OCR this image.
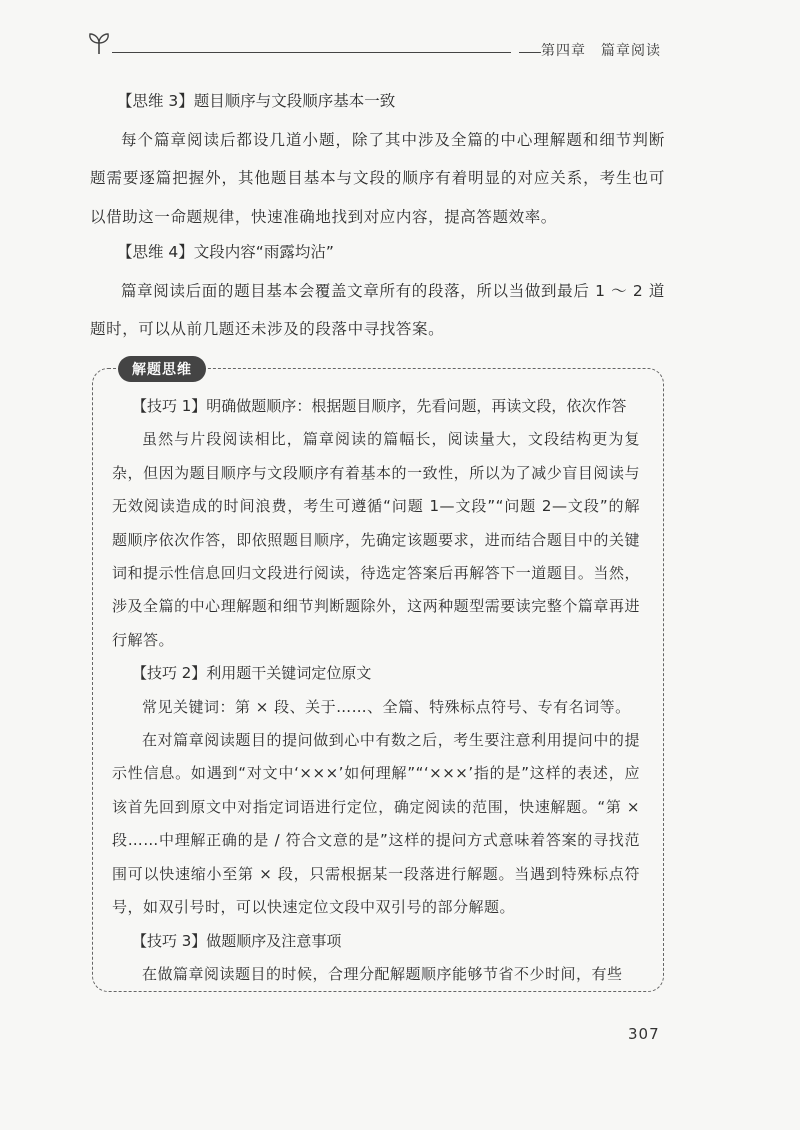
第四章　篇章阅读

【思维 3】题目顺序与文段顺序基本一致

每个篇章阅读后都设几道小题，除了其中涉及全篇的中心理解题和细节判断题需要逐篇把握外，其他题目基本与文段的顺序有着明显的对应关系，考生也可以借助这一命题规律，快速准确地找到对应内容，提高答题效率。

【思维 4】文段内容“雨露均沾”

篇章阅读后面的题目基本会覆盖文章所有的段落，所以当做到最后 1 ～ 2 道题时，可以从前几题还未涉及的段落中寻找答案。

解题思维

【技巧 1】明确做题顺序：根据题目顺序，先看问题，再读文段，依次作答

虽然与片段阅读相比，篇章阅读的篇幅长，阅读量大，文段结构更为复杂，但因为题目顺序与文段顺序有着基本的一致性，所以为了减少盲目阅读与无效阅读造成的时间浪费，考生可遵循“问题 1—文段”“问题 2—文段”的解题顺序依次作答，即依照题目顺序，先确定该题要求，进而结合题目中的关键词和提示性信息回归文段进行阅读，待选定答案后再解答下一道题目。当然，涉及全篇的中心理解题和细节判断题除外，这两种题型需要读完整个篇章再进行解答。

【技巧 2】利用题干关键词定位原文

常见关键词：第 × 段、关于……、全篇、特殊标点符号、专有名词等。

在对篇章阅读题目的提问做到心中有数之后，考生要注意利用提问中的提示性信息。如遇到“对文中‘×××’如何理解”“‘×××’指的是”这样的表述，应该首先回到原文中对指定词语进行定位，确定阅读的范围，快速解题。“第 × 段……中理解正确的是 / 符合文意的是”这样的提问方式意味着答案的寻找范围可以快速缩小至第 × 段，只需根据某一段落进行解题。当遇到特殊标点符号，如双引号时，可以快速定位文段中双引号的部分解题。

【技巧 3】做题顺序及注意事项

在做篇章阅读题目的时候，合理分配解题顺序能够节省不少时间，有些

307
